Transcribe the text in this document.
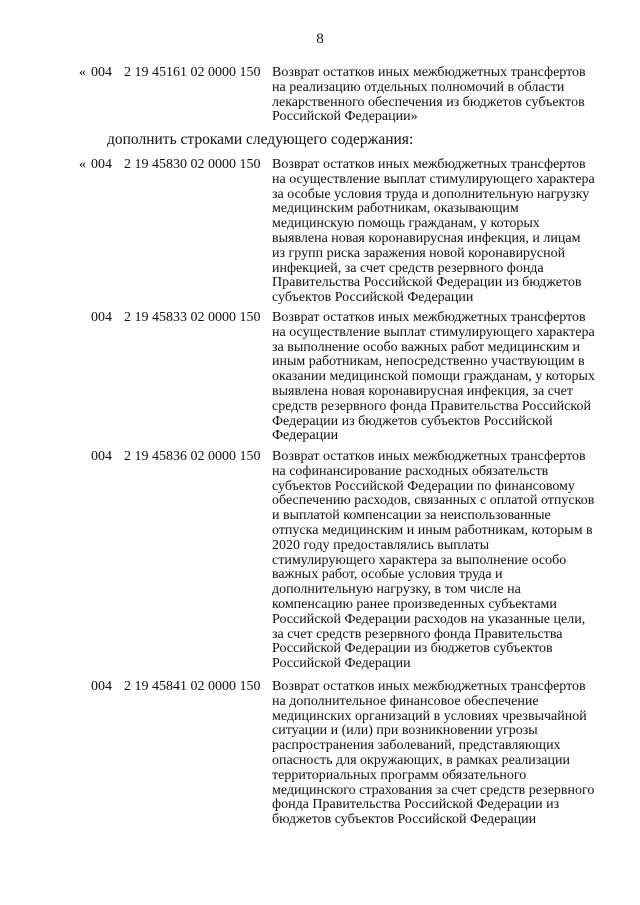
8
« 004 2 19 45161 02 0000 150 Возврат остатков иных межбюджетных трансфертов
на реализацию отдельных полномочий в области
лекарственного обеспечения из бюджетов субъектов
Российской Федерации»
дополнить строками следующего содержания:
« 004 2 19 45830 02 0000 150 Возврат остатков иных межбюджетных трансфертов
на осуществление выплат стимулирующего характера
за особые условия труда и дополнительную нагрузку
медицинским работникам, оказывающим
медицинскую помощь гражданам, у которых
выявлена новая коронавирусная инфекция, и лицам
из групп риска заражения новой коронавирусной
инфекцией, за счет средств резервного фонда
Правительства Российской Федерации из бюджетов
субъектов Российской Федерации
004 2 19 45833 02 0000 150 Возврат остатков иных межбюджетных трансфертов
на осуществление выплат стимулирующего характера
за выполнение особо важных работ медицинским и
иным работникам, непосредственно участвующим в
оказании медицинской помощи гражданам, у которых
выявлена новая коронавирусная инфекция, за счет
средств резервного фонда Правительства Российской
Федерации из бюджетов субъектов Российской
Федерации
004 2 19 45836 02 0000 150 Возврат остатков иных межбюджетных трансфертов
на софинансирование расходных обязательств
субъектов Российской Федерации по финансовому
обеспечению расходов, связанных с оплатой отпусков
и выплатой компенсации за неиспользованные
отпуска медицинским и иным работникам, которым в
2020 году предоставлялись выплаты
стимулирующего характера за выполнение особо
важных работ, особые условия труда и
дополнительную нагрузку, в том числе на
компенсацию ранее произведенных субъектами
Российской Федерации расходов на указанные цели,
за счет средств резервного фонда Правительства
Российской Федерации из бюджетов субъектов
Российской Федерации
004 2 19 45841 02 0000 150 Возврат остатков иных межбюджетных трансфертов
на дополнительное финансовое обеспечение
медицинских организаций в условиях чрезвычайной
ситуации и (или) при возникновении угрозы
распространения заболеваний, представляющих
опасность для окружающих, в рамках реализации
территориальных программ обязательного
медицинского страхования за счет средств резервного
фонда Правительства Российской Федерации из
бюджетов субъектов Российской Федерации
